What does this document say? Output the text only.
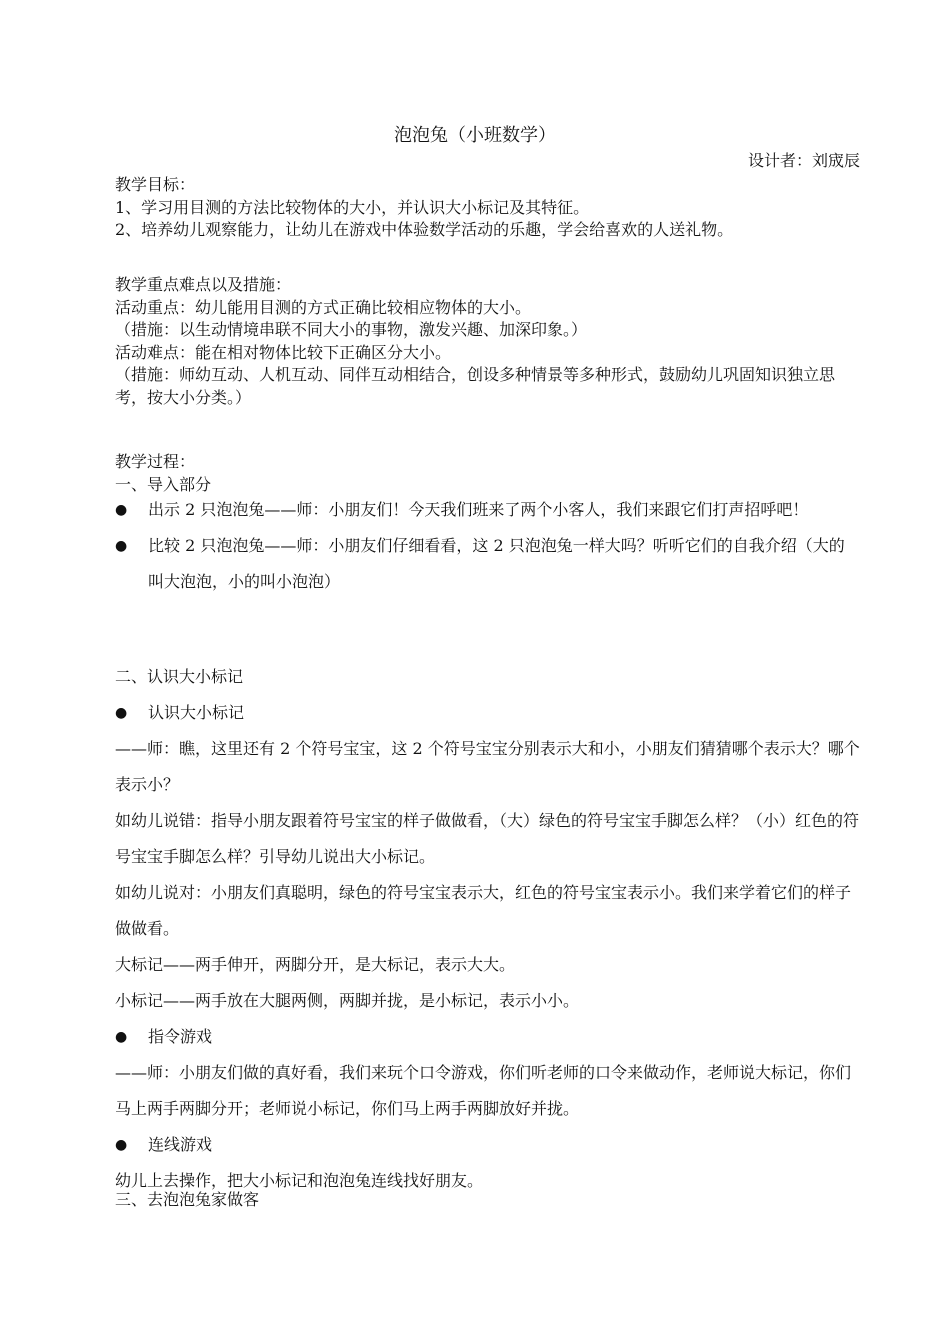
泡泡兔（小班数学）
设计者：刘宬辰

教学目标：

1、学习用目测的方法比较物体的大小，并认识大小标记及其特征。

2、培养幼儿观察能力，让幼儿在游戏中体验数学活动的乐趣，学会给喜欢的人送礼物。

教学重点难点以及措施：

活动重点：幼儿能用目测的方式正确比较相应物体的大小。

（措施：以生动情境串联不同大小的事物，激发兴趣、加深印象。）

活动难点：能在相对物体比较下正确区分大小。

（措施：师幼互动、人机互动、同伴互动相结合，创设多种情景等多种形式，鼓励幼儿巩固知识独立思考，按大小分类。）

教学过程：

一、导入部分

● 出示 2 只泡泡兔——师：小朋友们！今天我们班来了两个小客人，我们来跟它们打声招呼吧！

● 比较 2 只泡泡兔——师：小朋友们仔细看看，这 2 只泡泡兔一样大吗？听听它们的自我介绍（大的叫大泡泡，小的叫小泡泡）

二、认识大小标记

● 认识大小标记

——师：瞧，这里还有 2 个符号宝宝，这 2 个符号宝宝分别表示大和小，小朋友们猜猜哪个表示大？哪个表示小？

如幼儿说错：指导小朋友跟着符号宝宝的样子做做看，（大）绿色的符号宝宝手脚怎么样？（小）红色的符号宝宝手脚怎么样？引导幼儿说出大小标记。

如幼儿说对：小朋友们真聪明，绿色的符号宝宝表示大，红色的符号宝宝表示小。我们来学着它们的样子做做看。

大标记——两手伸开，两脚分开，是大标记，表示大大。

小标记——两手放在大腿两侧，两脚并拢，是小标记，表示小小。

● 指令游戏

——师：小朋友们做的真好看，我们来玩个口令游戏，你们听老师的口令来做动作，老师说大标记，你们马上两手两脚分开；老师说小标记，你们马上两手两脚放好并拢。

● 连线游戏

幼儿上去操作，把大小标记和泡泡兔连线找好朋友。

三、去泡泡兔家做客
